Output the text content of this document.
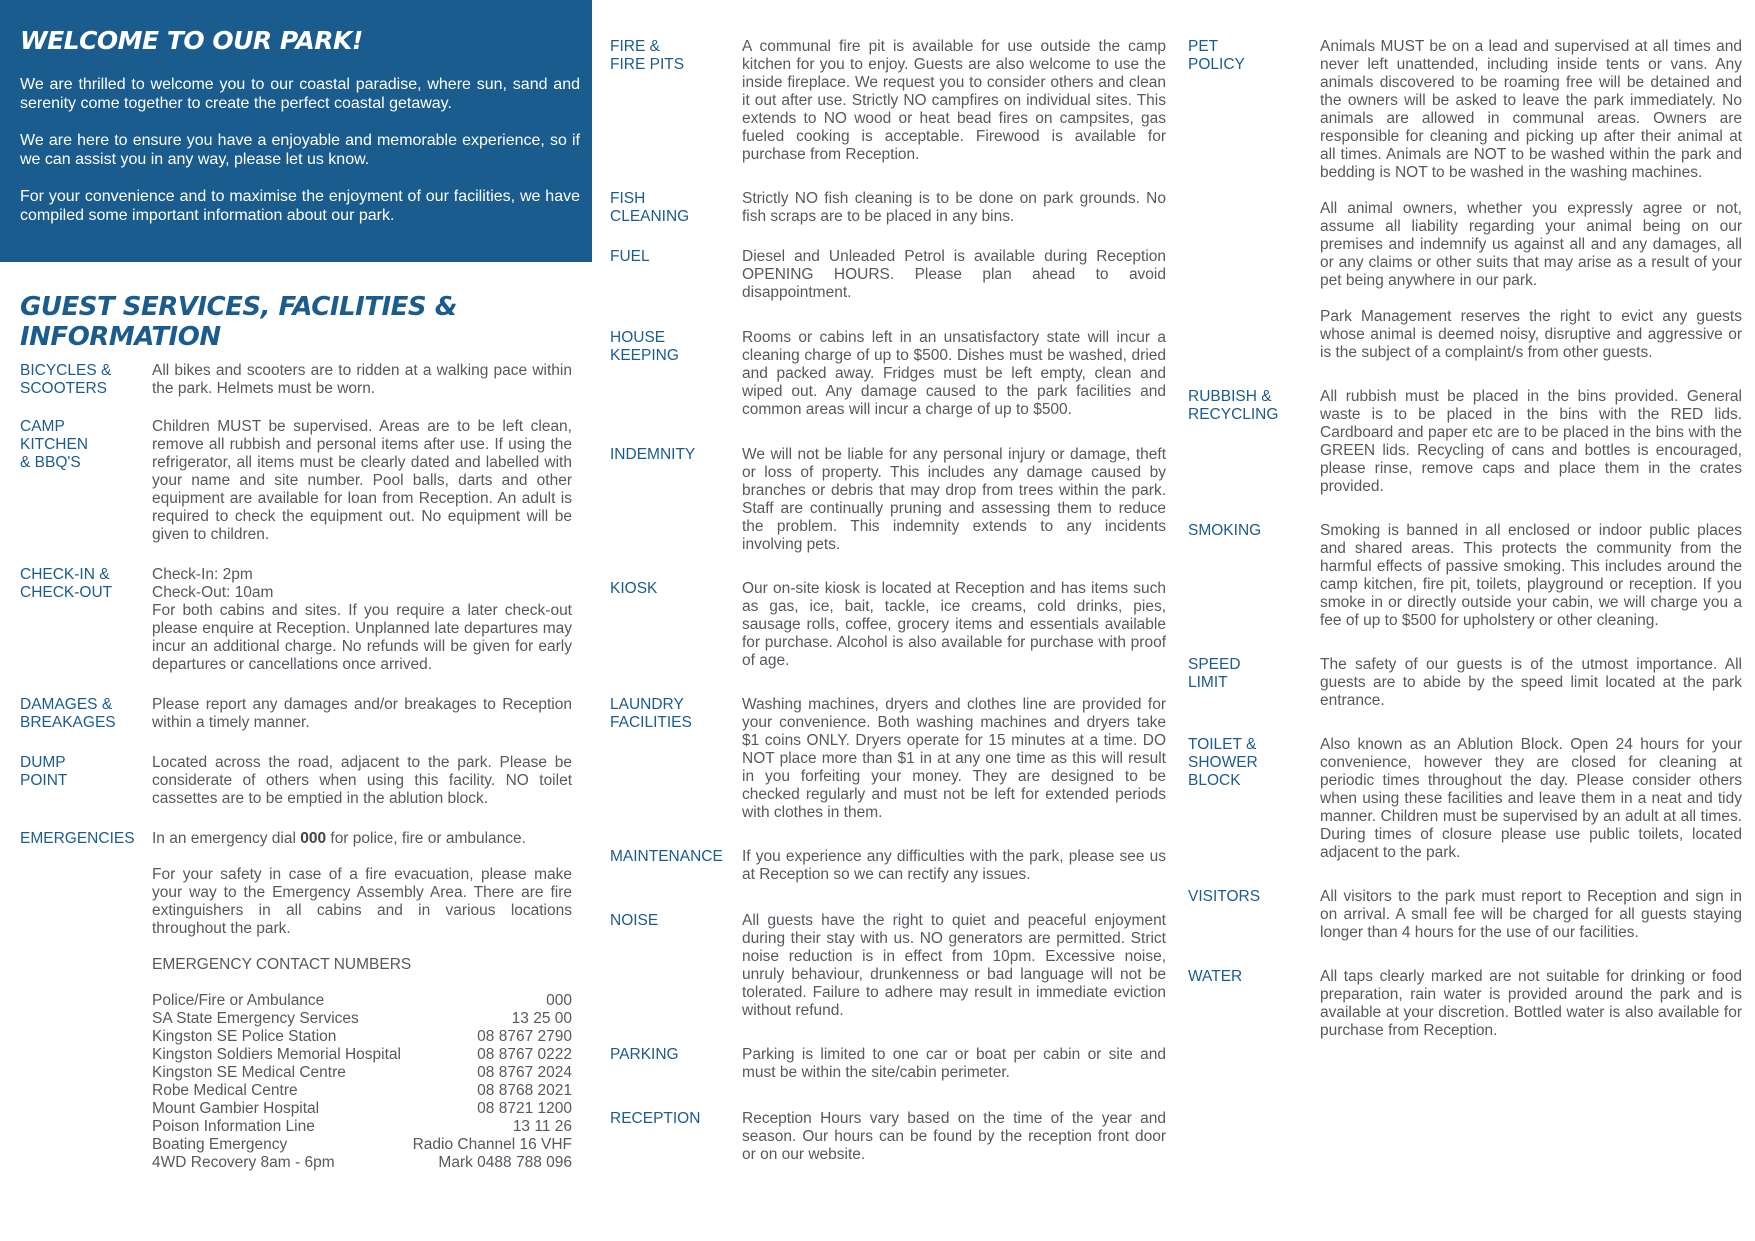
WELCOME TO OUR PARK!

We are thrilled to welcome you to our coastal paradise, where sun, sand and serenity come together to create the perfect coastal getaway.

We are here to ensure you have a enjoyable and memorable experience, so if we can assist you in any way, please let us know.

For your convenience and to maximise the enjoyment of our facilities, we have compiled some important information about our park.

GUEST SERVICES, FACILITIES & INFORMATION
BICYCLES &
SCOOTERS
All bikes and scooters are to ridden at a walking pace within the park. Helmets must be worn.
CAMP
KITCHEN
& BBQ'S
Children MUST be supervised. Areas are to be left clean, remove all rubbish and personal items after use. If using the refrigerator, all items must be clearly dated and labelled with your name and site number. Pool balls, darts and other equipment are available for loan from Reception. An adult is required to check the equipment out. No equipment will be given to children.
CHECK-IN &
CHECK-OUT
Check-In: 2pm
Check-Out: 10am
For both cabins and sites. If you require a later check-out please enquire at Reception. Unplanned late departures may incur an additional charge. No refunds will be given for early departures or cancellations once arrived.
DAMAGES &
BREAKAGES
Please report any damages and/or breakages to Reception within a timely manner.
DUMP
POINT
Located across the road, adjacent to the park. Please be considerate of others when using this facility. NO toilet cassettes are to be emptied in the ablution block.
EMERGENCIES	In an emergency dial 000 for police, fire or ambulance.

For your safety in case of a fire evacuation, please make your way to the Emergency Assembly Area. There are fire extinguishers in all cabins and in various locations throughout the park.

EMERGENCY CONTACT NUMBERS

Police/Fire or Ambulance	000
SA State Emergency Services	13 25 00
Kingston SE Police Station	08 8767 2790
Kingston Soldiers Memorial Hospital	08 8767 0222
Kingston SE Medical Centre	08 8767 2024
Robe Medical Centre	08 8768 2021
Mount Gambier Hospital	08 8721 1200
Poison Information Line	13 11 26
Boating Emergency	Radio Channel 16 VHF
4WD Recovery 8am - 6pm	Mark 0488 788 096
FIRE &
FIRE PITS
A communal fire pit is available for use outside the camp kitchen for you to enjoy. Guests are also welcome to use the inside fireplace. We request you to consider others and clean it out after use. Strictly NO campfires on individual sites. This extends to NO wood or heat bead fires on campsites, gas fueled cooking is acceptable. Firewood is available for purchase from Reception.
FISH
CLEANING
Strictly NO fish cleaning is to be done on park grounds. No fish scraps are to be placed in any bins.
FUEL	Diesel and Unleaded Petrol is available during Reception OPENING HOURS. Please plan ahead to avoid disappointment.
HOUSE
KEEPING
Rooms or cabins left in an unsatisfactory state will incur a cleaning charge of up to $500. Dishes must be washed, dried and packed away. Fridges must be left empty, clean and wiped out. Any damage caused to the park facilities and common areas will incur a charge of up to $500.
INDEMNITY	We will not be liable for any personal injury or damage, theft or loss of property. This includes any damage caused by branches or debris that may drop from trees within the park. Staff are continually pruning and assessing them to reduce the problem. This indemnity extends to any incidents involving pets.
KIOSK	Our on-site kiosk is located at Reception and has items such as gas, ice, bait, tackle, ice creams, cold drinks, pies, sausage rolls, coffee, grocery items and essentials available for purchase. Alcohol is also available for purchase with proof of age.
LAUNDRY
FACILITIES
Washing machines, dryers and clothes line are provided for your convenience. Both washing machines and dryers take $1 coins ONLY. Dryers operate for 15 minutes at a time. DO NOT place more than $1 in at any one time as this will result in you forfeiting your money. They are designed to be checked regularly and must not be left for extended periods with clothes in them.
MAINTENANCE	If you experience any difficulties with the park, please see us at Reception so we can rectify any issues.
NOISE	All guests have the right to quiet and peaceful enjoyment during their stay with us. NO generators are permitted. Strict noise reduction is in effect from 10pm. Excessive noise, unruly behaviour, drunkenness or bad language will not be tolerated. Failure to adhere may result in immediate eviction without refund.
PARKING	Parking is limited to one car or boat per cabin or site and must be within the site/cabin perimeter.
RECEPTION	Reception Hours vary based on the time of the year and season. Our hours can be found by the reception front door or on our website.
PET
POLICY

Animals MUST be on a lead and supervised at all times and never left unattended, including inside tents or vans. Any animals discovered to be roaming free will be detained and the owners will be asked to leave the park immediately. No animals are allowed in communal areas. Owners are responsible for cleaning and picking up after their animal at all times. Animals are NOT to be washed within the park and bedding is NOT to be washed in the washing machines.

All animal owners, whether you expressly agree or not, assume all liability regarding your animal being on our premises and indemnify us against all and any damages, all or any claims or other suits that may arise as a result of your pet being anywhere in our park.

Park Management reserves the right to evict any guests whose animal is deemed noisy, disruptive and aggressive or is the subject of a complaint/s from other guests.

RUBBISH &
RECYCLING
All rubbish must be placed in the bins provided. General waste is to be placed in the bins with the RED lids. Cardboard and paper etc are to be placed in the bins with the GREEN lids. Recycling of cans and bottles is encouraged, please rinse, remove caps and place them in the crates provided.
SMOKING	Smoking is banned in all enclosed or indoor public places and shared areas. This protects the community from the harmful effects of passive smoking. This includes around the camp kitchen, fire pit, toilets, playground or reception. If you smoke in or directly outside your cabin, we will charge you a fee of up to $500 for upholstery or other cleaning.
SPEED
LIMIT
The safety of our guests is of the utmost importance. All guests are to abide by the speed limit located at the park entrance.
TOILET &
SHOWER
BLOCK
Also known as an Ablution Block. Open 24 hours for your convenience, however they are closed for cleaning at periodic times throughout the day. Please consider others when using these facilities and leave them in a neat and tidy manner. Children must be supervised by an adult at all times. During times of closure please use public toilets, located adjacent to the park.
VISITORS	All visitors to the park must report to Reception and sign in on arrival. A small fee will be charged for all guests staying longer than 4 hours for the use of our facilities.
WATER	All taps clearly marked are not suitable for drinking or food preparation, rain water is provided around the park and is available at your discretion. Bottled water is also available for purchase from Reception.
